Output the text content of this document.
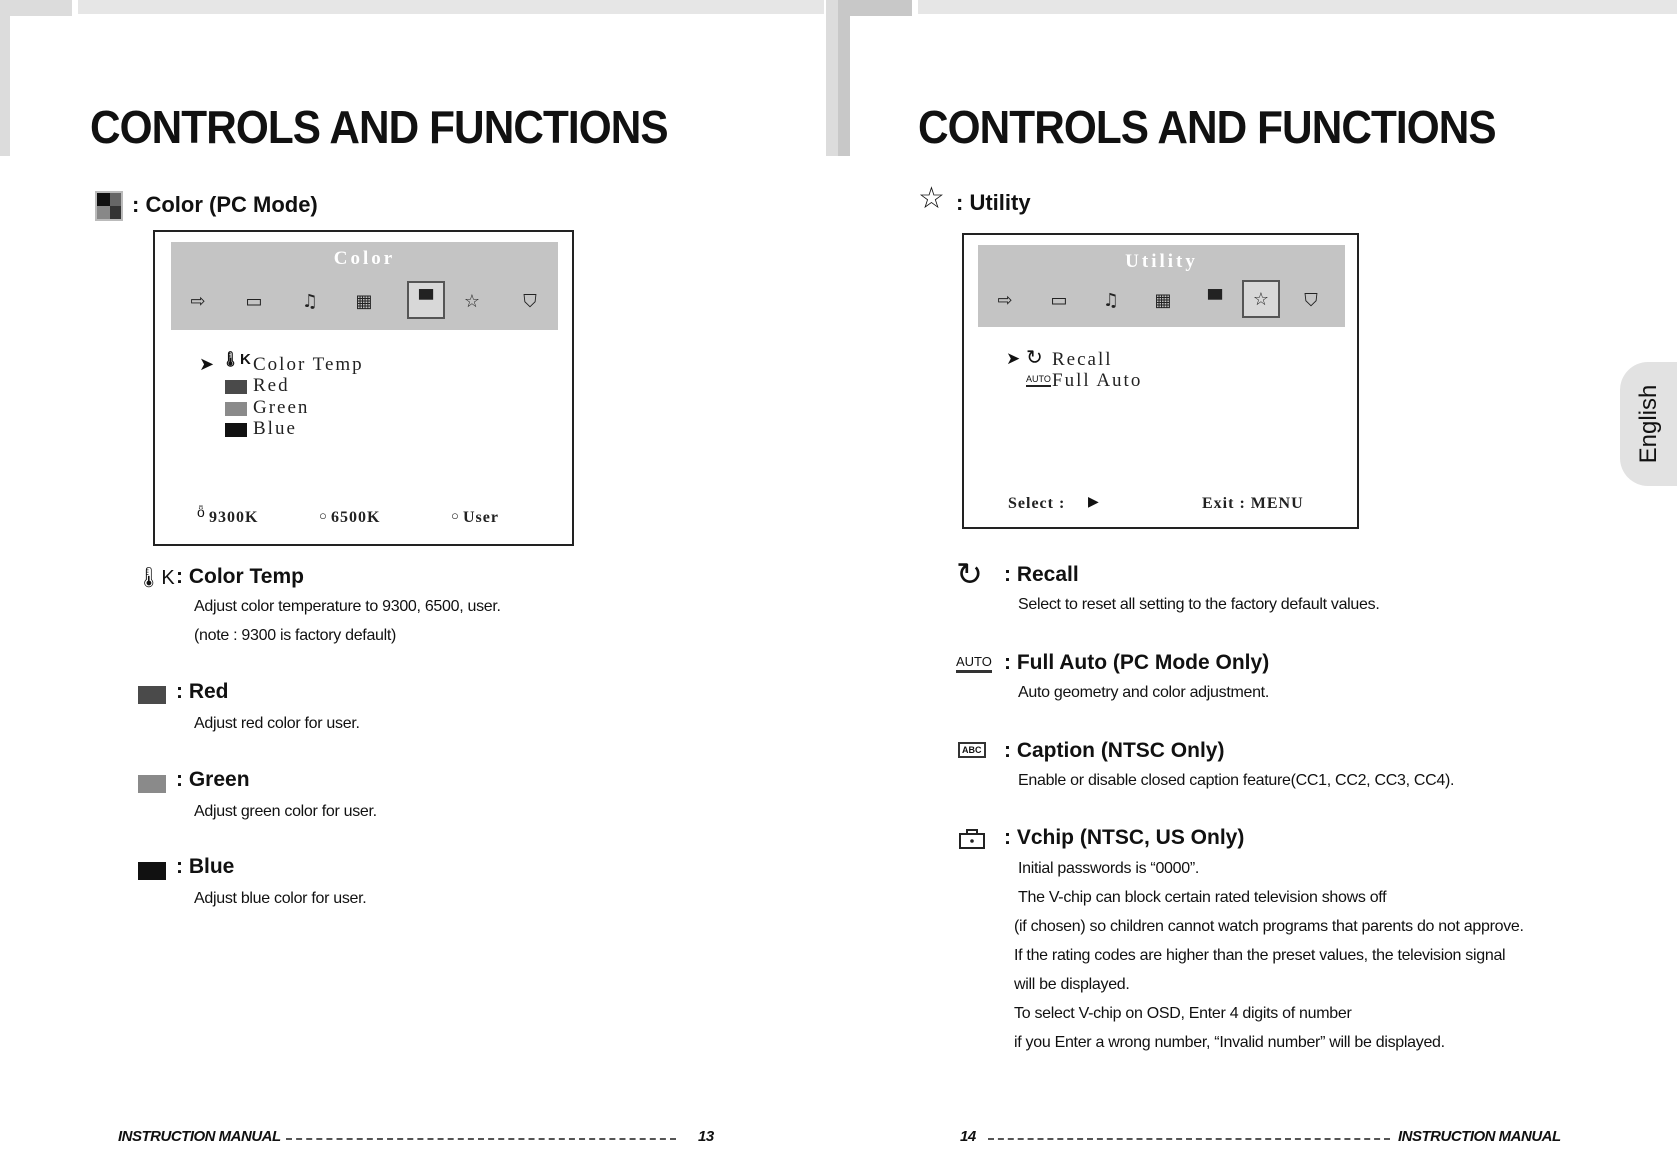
CONTROLS AND FUNCTIONS
: Color (PC Mode)
Color
⇨	▭	♫	▦	▀	☆	⛉
➤ 🌡K Color Temp
Red
Green
Blue
ȫ 9300K	○ 6500K	○ User
🌡K : Color Temp
Adjust color temperature to 9300, 6500, user.
(note : 9300 is factory default)
: Red
Adjust red color for user.
: Green
Adjust green color for user.
: Blue
Adjust blue color for user.
INSTRUCTION MANUAL	13
CONTROLS AND FUNCTIONS
☆ : Utility
Utility
⇨	▭	♫	▦	▀	☆	⛉
➤ ↻ Recall
AUTO Full Auto
Select : ▶	Exit : MENU
↻ : Recall
Select to reset all setting to the factory default values.
AUTO : Full Auto (PC Mode Only)
Auto geometry and color adjustment.
ABC : Caption (NTSC Only)
Enable or disable closed caption feature(CC1, CC2, CC3, CC4).
: Vchip (NTSC, US Only)
Initial passwords is “0000”.
The V-chip can block certain rated television shows off
(if chosen) so children cannot watch programs that parents do not approve.
If the rating codes are higher than the preset values, the television signal
will be displayed.
To select V-chip on OSD, Enter 4 digits of number
if you Enter a wrong number, “Invalid number” will be displayed.
14	INSTRUCTION MANUAL
English
